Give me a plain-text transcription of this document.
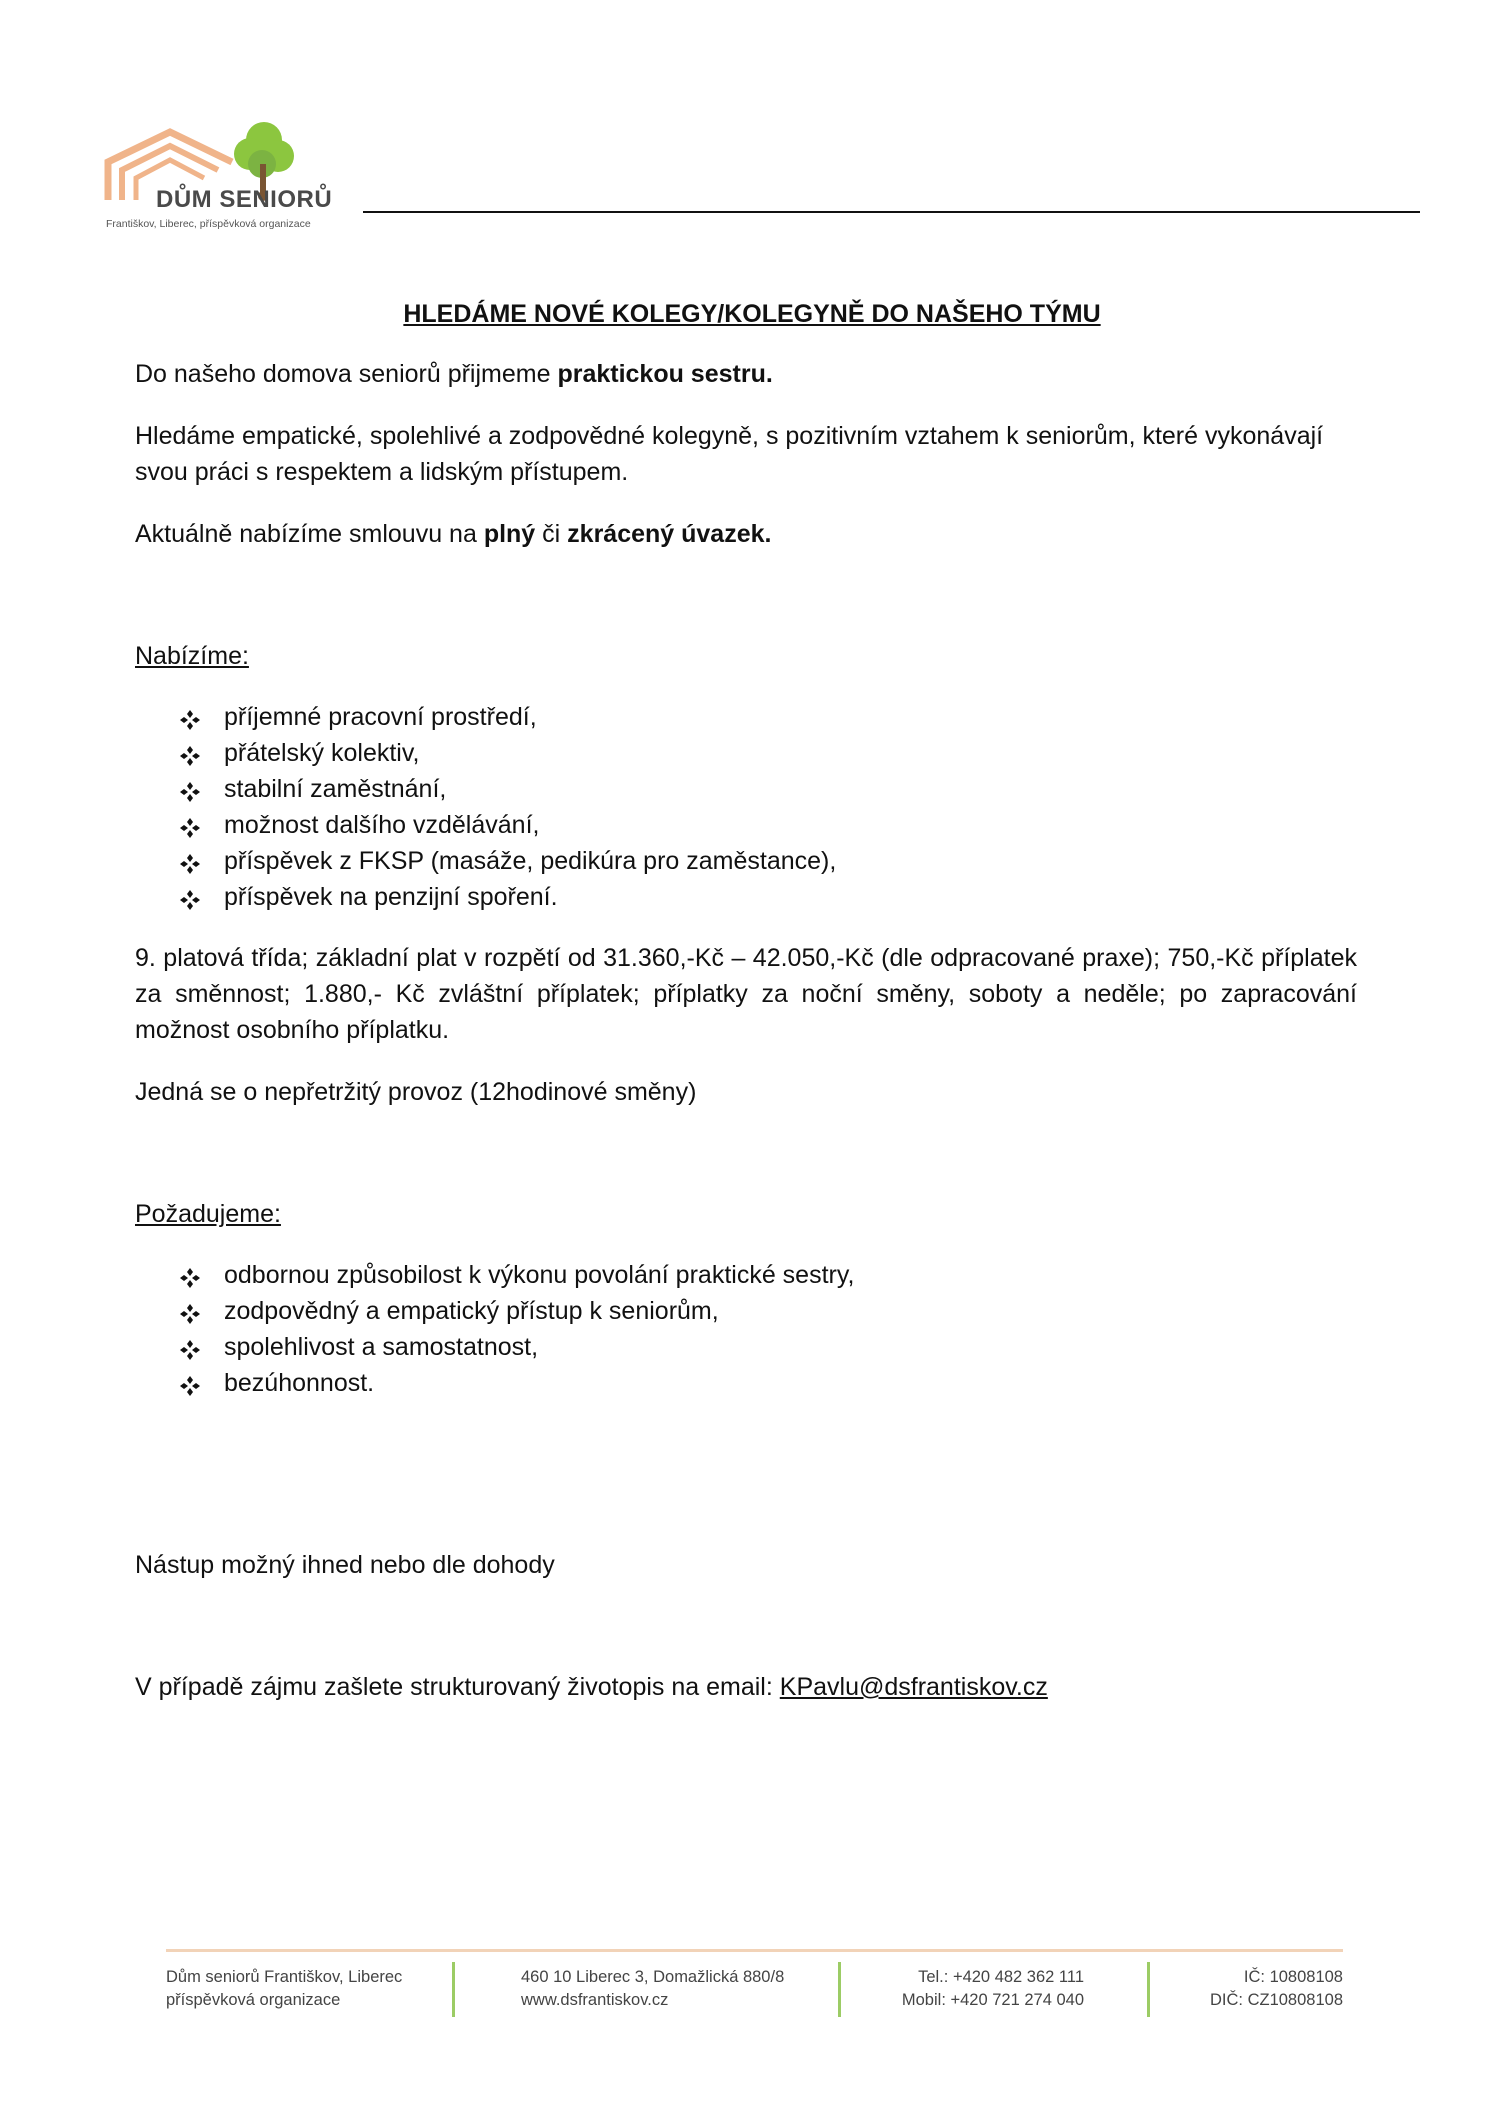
DŮM SENIORŮ
Františkov, Liberec, příspěvková organizace
HLEDÁME NOVÉ KOLEGY/KOLEGYNĚ DO NAŠEHO TÝMU

Do našeho domova seniorů přijmeme praktickou sestru.

Hledáme empatické, spolehlivé a zodpovědné kolegyně, s pozitivním vztahem k seniorům, které vykonávají svou práci s respektem a lidským přístupem.

Aktuálně nabízíme smlouvu na plný či zkrácený úvazek.

Nabízíme:

příjemné pracovní prostředí,
přátelský kolektiv,
stabilní zaměstnání,
možnost dalšího vzdělávání,
příspěvek z FKSP (masáže, pedikúra pro zaměstance),
příspěvek na penzijní spoření.

9. platová třída; základní plat v rozpětí od 31.360,-Kč – 42.050,-Kč (dle odpracované praxe); 750,-Kč příplatek za směnnost; 1.880,- Kč zvláštní příplatek; příplatky za noční směny, soboty a neděle; po zapracování možnost osobního příplatku.

Jedná se o nepřetržitý provoz (12hodinové směny)

Požadujeme:

odbornou způsobilost k výkonu povolání praktické sestry,
zodpovědný a empatický přístup k seniorům,
spolehlivost a samostatnost,
bezúhonnost.

Nástup možný ihned nebo dle dohody

V případě zájmu zašlete strukturovaný životopis na email: KPavlu@dsfrantiskov.cz

Dům seniorů Františkov, Liberec
příspěvková organizace
460 10 Liberec 3, Domažlická 880/8
www.dsfrantiskov.cz
Tel.: +420 482 362 111
Mobil: +420 721 274 040
IČ: 10808108
DIČ: CZ10808108
